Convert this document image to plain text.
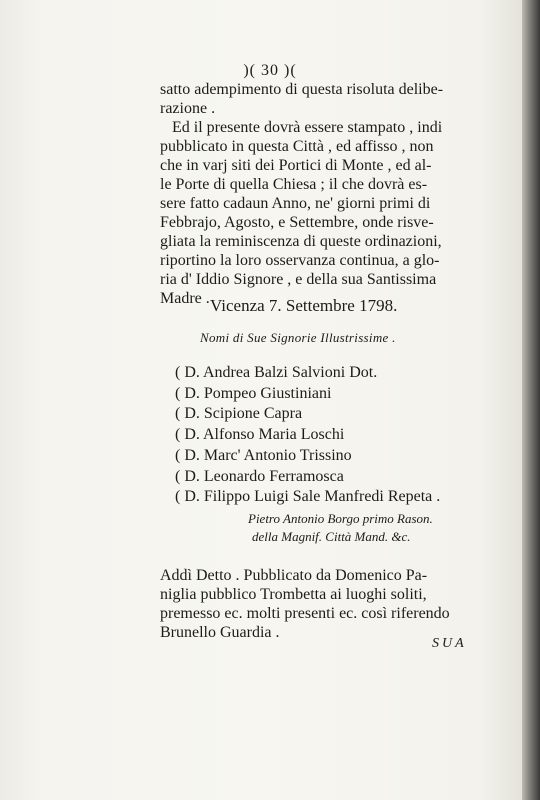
)( 30 )(
satto adempimento di questa risoluta delibe-
razione .
Ed il presente dovrà essere stampato , indi
pubblicato in questa Città , ed affisso , non
che in varj siti dei Portici di Monte , ed al-
le Porte di quella Chiesa ; il che dovrà es-
sere fatto cadaun Anno, ne' giorni primi di
Febbrajo, Agosto, e Settembre, onde risve-
gliata la reminiscenza di queste ordinazioni,
riportino la loro osservanza continua, a glo-
ria d' Iddio Signore , e della sua Santissima
Madre . Vicenza 7. Settembre 1798.
Nomi di Sue Signorie Illustrissime .
( D. Andrea Balzi Salvioni Dot.
( D. Pompeo Giustiniani
( D. Scipione Capra
( D. Alfonso Maria Loschi
( D. Marc' Antonio Trissino
( D. Leonardo Ferramosca
( D. Filippo Luigi Sale Manfredi Repeta .
Pietro Antonio Borgo primo Rason.
della Magnif. Città Mand. &c.
Addì Detto . Pubblicato da Domenico Pa-
niglia pubblico Trombetta ai luoghi soliti,
premesso ec. molti presenti ec. così riferendo
Brunello Guardia .
SUA
